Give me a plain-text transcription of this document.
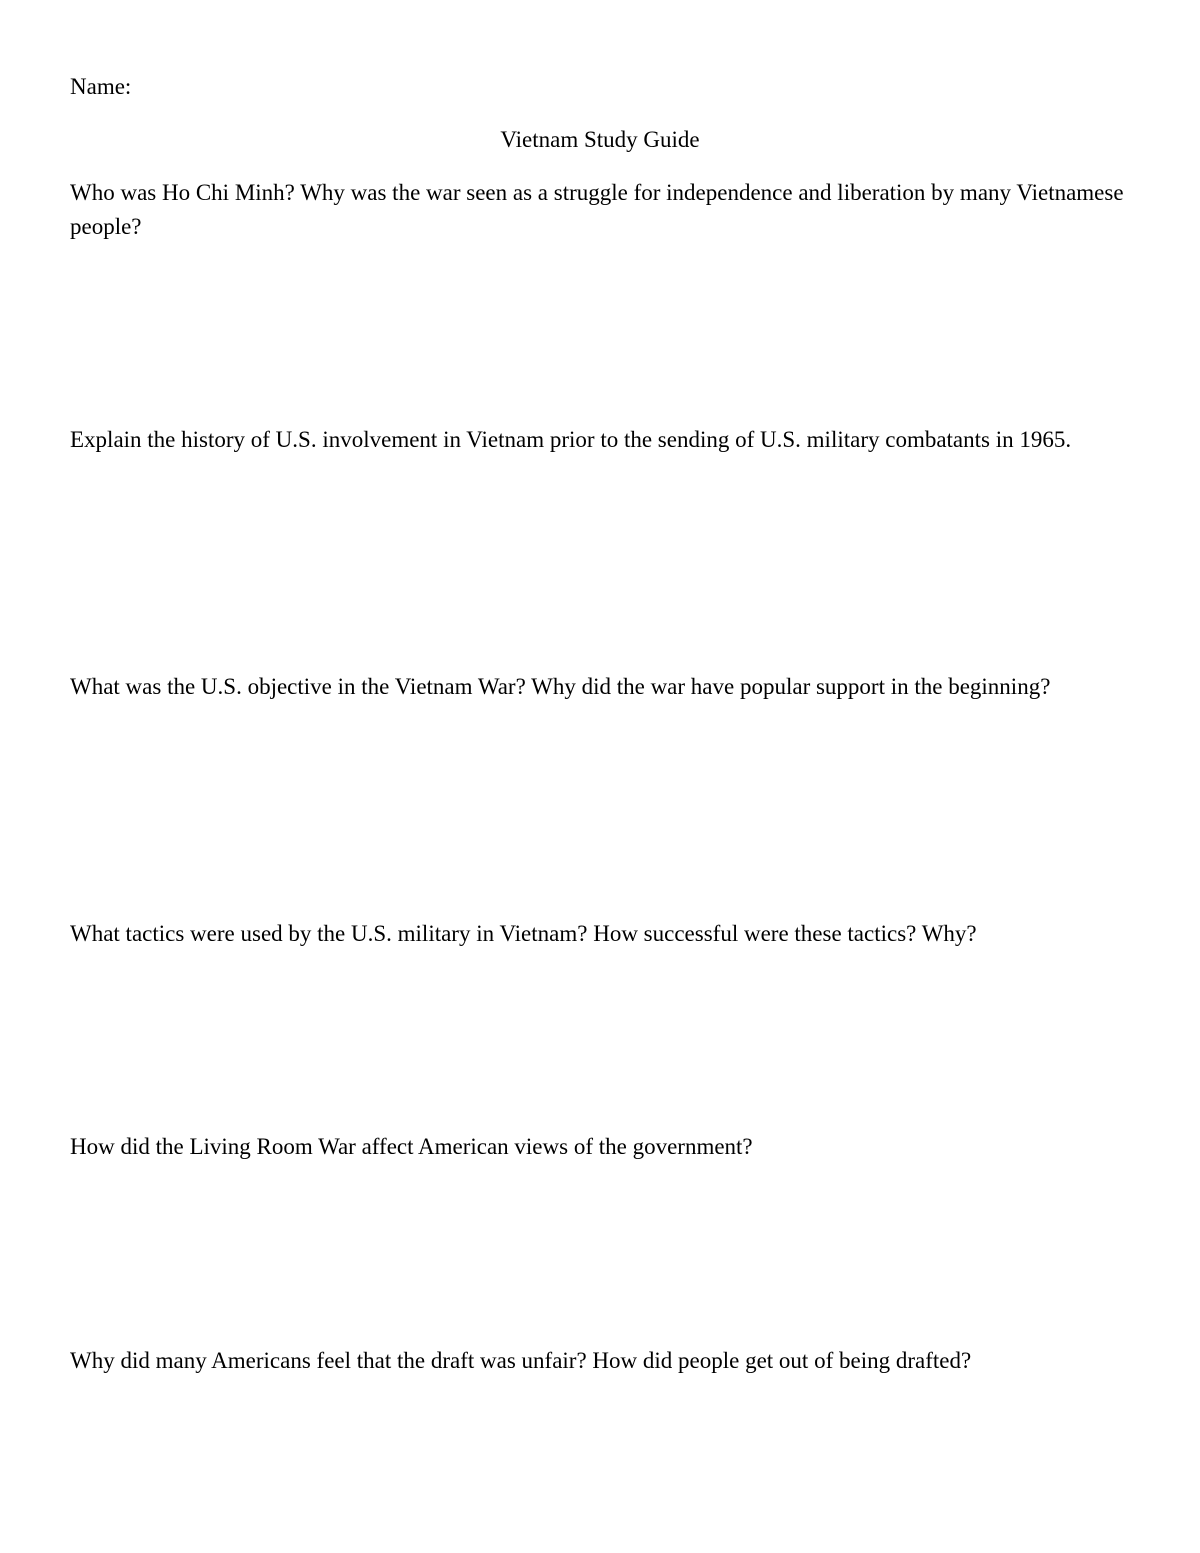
Name:
Vietnam Study Guide
Who was Ho Chi Minh? Why was the war seen as a struggle for independence and liberation by many Vietnamese people?
Explain the history of U.S. involvement in Vietnam prior to the sending of U.S. military combatants in 1965.
What was the U.S. objective in the Vietnam War? Why did the war have popular support in the beginning?
What tactics were used by the U.S. military in Vietnam? How successful were these tactics? Why?
How did the Living Room War affect American views of the government?
Why did many Americans feel that the draft was unfair? How did people get out of being drafted?
